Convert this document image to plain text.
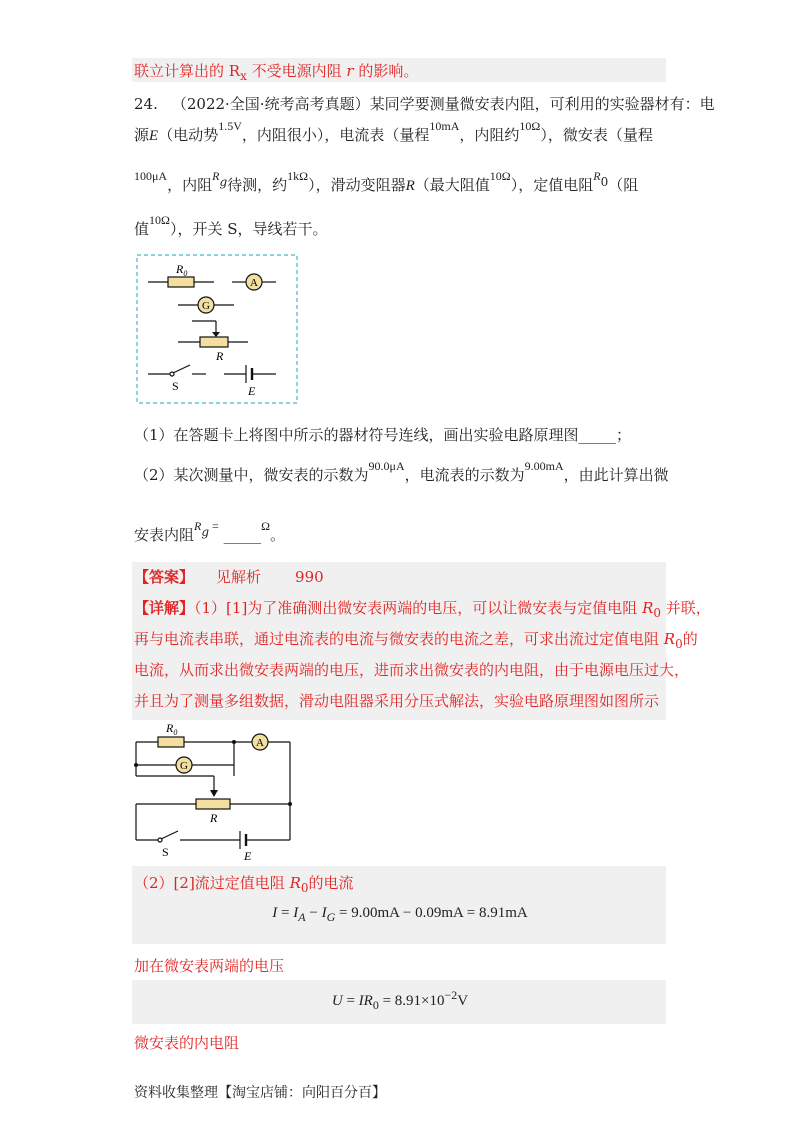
联立计算出的 $R_x$ 不受电源内阻 r 的影响。
24. （2022·全国·统考高考真题）某同学要测量微安表内阻，可利用的实验器材有：电
源E（电动势$^{1.5V}$，内阻很小），电流表（量程$^{10mA}$，内阻约$^{10\Omega}$），微安表（量程
$^{100\mu A}$，内阻$^R_g$待测，约$^{1k\Omega}$），滑动变阻器R（最大阻值$^{10\Omega}$），定值电阻$^R_0$（阻
值$^{10\Omega}$），开关 S，导线若干。
$R_0$
A
G
R
S	E
（1）在答题卡上将图中所示的器材符号连线，画出实验电路原理图_____；
（2）某次测量中，微安表的示数为$^{90.0\mu A}$，电流表的示数为$^{9.00mA}$，由此计算出微
安表内阻$^R_g$ = _____$^\Omega$。
【答案】 见解析 990
【详解】（1）[1]为了准确测出微安表两端的电压，可以让微安表与定值电阻 $R_0$ 并联，
再与电流表串联，通过电流表的电流与微安表的电流之差，可求出流过定值电阻 $R_0$的
电流，从而求出微安表两端的电压，进而求出微安表的内电阻，由于电源电压过大，
并且为了测量多组数据，滑动电阻器采用分压式解法，实验电路原理图如图所示
$R_0$
A
G
R
S	E
（2）[2]流过定值电阻 $R_0$的电流
$I = I_A - I_G = 9.00mA - 0.09mA = 8.91mA$
加在微安表两端的电压
$U = IR_0 = 8.91\times 10^{-2}V$
微安表的内电阻
资料收集整理【淘宝店铺：向阳百分百】
